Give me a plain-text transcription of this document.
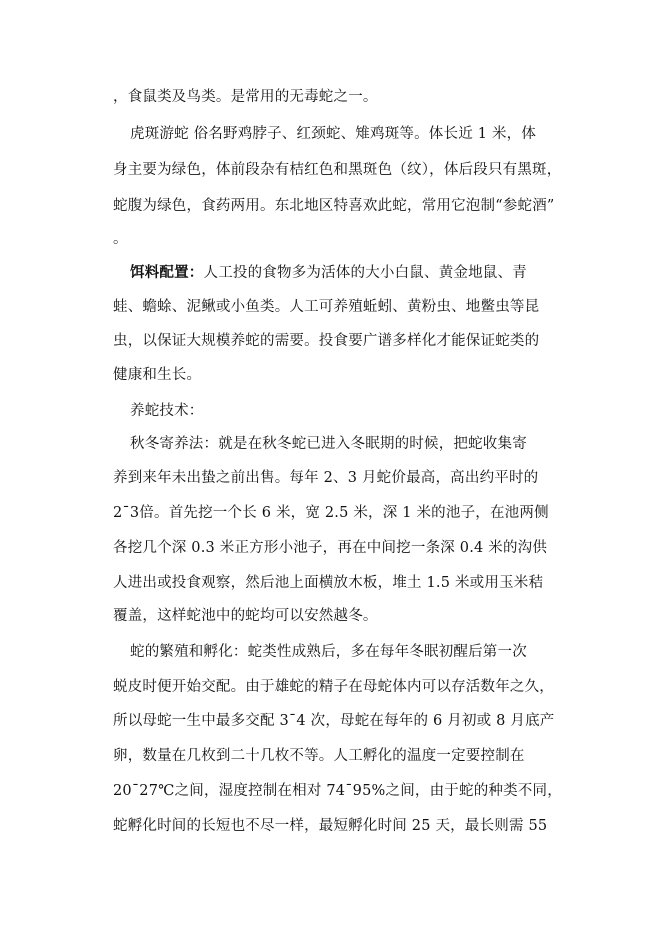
，食鼠类及鸟类。是常用的无毒蛇之一。
虎斑游蛇 俗名野鸡脖子、红颈蛇、雉鸡斑等。体长近 1 米，体
身主要为绿色，体前段杂有桔红色和黑斑色（纹），体后段只有黑斑，
蛇腹为绿色，食药两用。东北地区特喜欢此蛇，常用它泡制“参蛇酒”
。
饵料配置：人工投的食物多为活体的大小白鼠、黄金地鼠、青
蛙、蟾蜍、泥鳅或小鱼类。人工可养殖蚯蚓、黄粉虫、地鳖虫等昆
虫，以保证大规模养蛇的需要。投食要广谱多样化才能保证蛇类的
健康和生长。
养蛇技术：
秋冬寄养法：就是在秋冬蛇已进入冬眠期的时候，把蛇收集寄
养到来年未出蛰之前出售。每年 2、3 月蛇价最高，高出约平时的
2ˉ3倍。首先挖一个长 6 米，宽 2.5 米，深 1 米的池子，在池两侧
各挖几个深 0.3 米正方形小池子，再在中间挖一条深 0.4 米的沟供
人进出或投食观察，然后池上面横放木板，堆土 1.5 米或用玉米秸
覆盖，这样蛇池中的蛇均可以安然越冬。
蛇的繁殖和孵化：蛇类性成熟后，多在每年冬眠初醒后第一次
蜕皮时便开始交配。由于雄蛇的精子在母蛇体内可以存活数年之久，
所以母蛇一生中最多交配 3ˉ4 次，母蛇在每年的 6 月初或 8 月底产
卵，数量在几枚到二十几枚不等。人工孵化的温度一定要控制在
20ˉ27℃之间，湿度控制在相对 74ˉ95%之间，由于蛇的种类不同，
蛇孵化时间的长短也不尽一样，最短孵化时间 25 天，最长则需 55
